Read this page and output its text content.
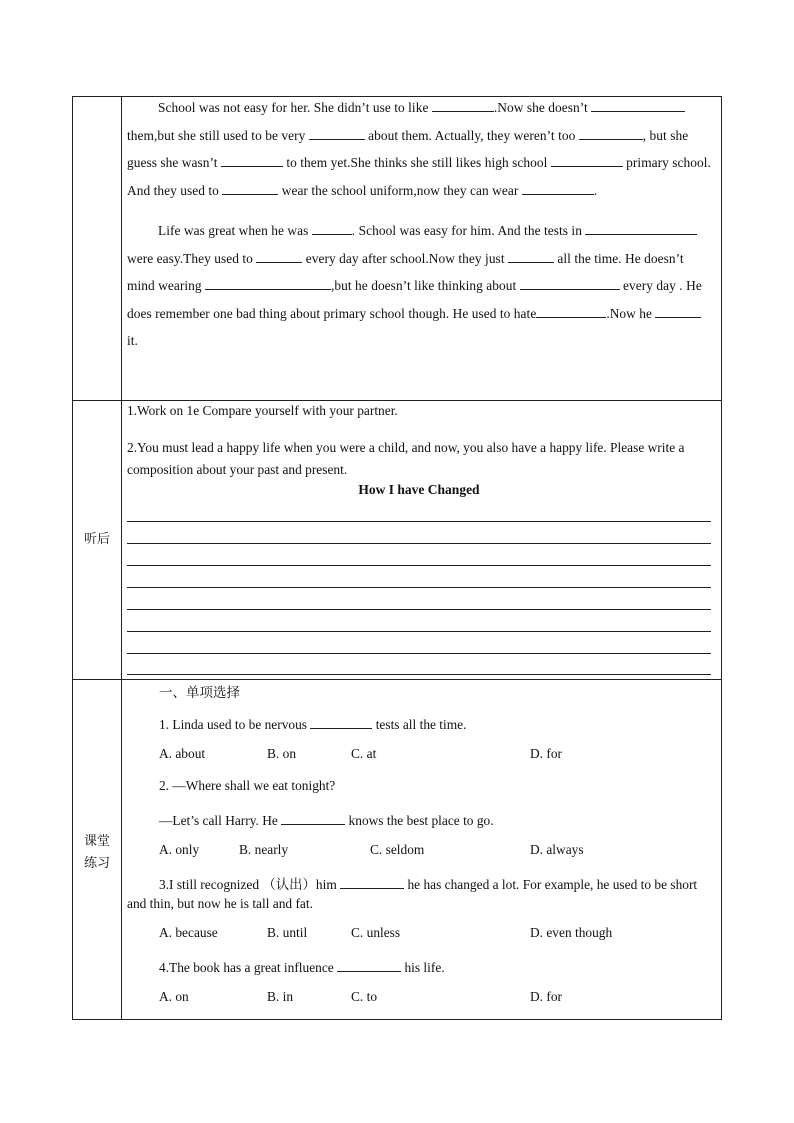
School was not easy for her. She didn’t use to like	.Now she doesn’t  them,but she still used to be very	about them. Actually, they weren’t too	, but she guess she wasn’t	to them yet.She thinks she still likes high school	primary school. And they used to	wear the school uniform,now they can wear	.

Life was great when he was	. School was easy for him. And the tests in  were easy.They used to	every day after school.Now they just	all the time. He doesn’t mind wearing	,but he doesn’t like thinking about	every day . He does remember one bad thing about primary school though. He used to hate	.Now he  it.

听后
1.Work on 1e Compare yourself with your partner.
2.You must lead a happy life when you were a child, and now, you also have a happy life. Please write a composition about your past and present.
How I have Changed
课堂
练习
一、单项选择
1. Linda used to be nervous	tests all the time.
A. about	B. on	C. at	D. for
2. —Where shall we eat tonight?
—Let’s call Harry. He	knows the best place to go.
A. only	B. nearly	C. seldom	D. always
3.I still recognized （认出）him	he has changed a lot. For example, he used to be short and thin, but now he is tall and fat.
A. because	B. until	C. unless	D. even though
4.The book has a great influence	his life.
A. on	B. in	C. to	D. for
